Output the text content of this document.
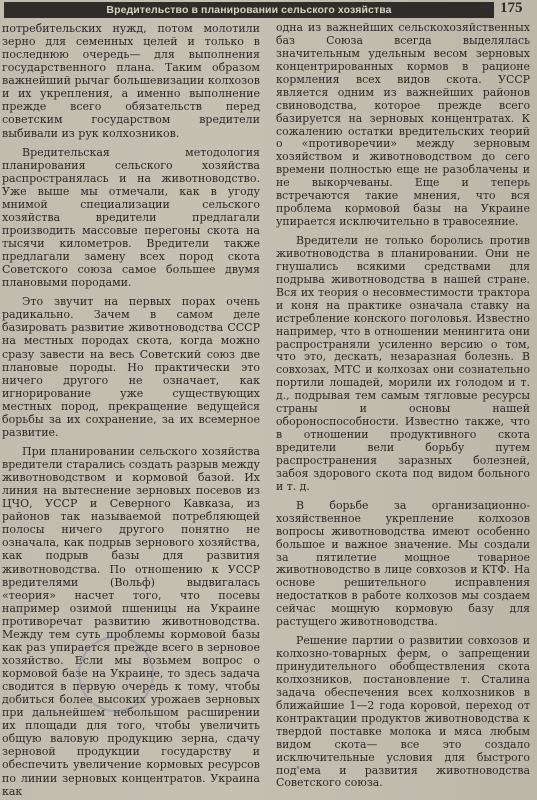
Вредительство в планировании сельского хозяйства	175

потребительских нужд, потом молотили зерно для семенных целей и только в последнюю очередь— для выполнения государственного плана. Таким образом важнейший рычаг большевизации колхозов и их укрепления, а именно выполнение прежде всего обязательств перед советским государством вредители выбивали из рук колхозников.

Вредительская методология планирования сельского хозяйства распространялась и на животноводство. Уже выше мы отмечали, как в угоду мнимой специализации сельского хозяйства вредители предлагали производить массовые перегоны скота на тысячи километров. Вредители также предлагали замену всех пород скота Советского союза самое большее двумя плановыми породами.

Это звучит на первых порах очень радикально. Зачем в самом деле базировать развитие животноводства СССР на местных породах скота, когда можно сразу завести на весь Советский союз две плановые породы. Но практически это ничего другого не означает, как игнорирование уже существующих местных пород, прекращение ведущейся борьбы за их сохранение, за их всемерное развитие.

При планировании сельского хозяйства вредители старались создать разрыв между животноводством и кормовой базой. Их линия на вытеснение зерновых посевов из ЦЧО, УССР и Северного Кавказа, из районов так называемой потребляющей полосы ничего другого понятно не означала, как подрыв зернового хозяйства, как подрыв базы для развития животноводства. По отношению к УССР вредителями (Вольф) выдвигалась «теория» насчет того, что посевы например озимой пшеницы на Украине противоречат развитию животноводства. Между тем суть проблемы кормовой базы как раз упирается прежде всего в зерновое хозяйство. Если мы возьмем вопрос о кормовой базе на Украине, то здесь задача сводится в первую очередь к тому, чтобы добиться более высоких урожаев зерновых при дальнейшем небольшом расширении их площади для того, чтобы увеличить общую валовую продукцию зерна, сдачу зерновой продукции государству и обеспечить увеличение кормовых ресурсов по линии зерновых концентратов. Украина как

одна из важнейших сельскохозяйственных баз Союза всегда выделялась значительным удельным весом зерновых концентрированных кормов в рационе кормления всех видов скота. УССР является одним из важнейших районов свиноводства, которое прежде всего базируется на зерновых концентратах. К сожалению остатки вредительских теорий о «противоречии» между зерновым хозяйством и животноводством до сего времени полностью еще не разоблачены и не выкорчеваны. Еще и теперь встречаются такие мнения, что вся проблема кормовой базы на Украине упирается исключительно в травосеяние.

Вредители не только боролись против животноводства в планировании. Они не гнушались всякими средствами для подрыва животноводства в нашей стране. Вся их теория о несовместимости трактора и коня на практике означала ставку на истребление конского поголовья. Известно например, что в отношении менингита они распространяли усиленно версию о том, что это, дескать, незаразная болезнь. В совхозах, МТС и колхозах они сознательно портили лошадей, морили их голодом и т. д., подрывая тем самым тягловые ресурсы страны и основы нашей обороноспособности. Известно также, что в отношении продуктивного скота вредители вели борьбу путем распространения заразных болезней, забоя здорового скота под видом больного и т. д.

В борьбе за организационно-хозяйственное укрепление колхозов вопросы животноводства имеют особенно большое и важное значение. Мы создали за пятилетие мощное товарное животноводство в лице совхозов и КТФ. На основе решительного исправления недостатков в работе колхозов мы создаем сейчас мощную кормовую базу для растущего животноводства.

Решение партии о развитии совхозов и колхозно-товарных ферм, о запрещении принудительного обобществления скота колхозников, постановление т. Сталина задача обеспечения всех колхозников в ближайшие 1—2 года коровой, переход от контрактации продуктов животноводства к твердой поставке молока и мяса любым видом скота— все это создало исключительные условия для быстрого под'ема и развития животноводства Советского союза.
